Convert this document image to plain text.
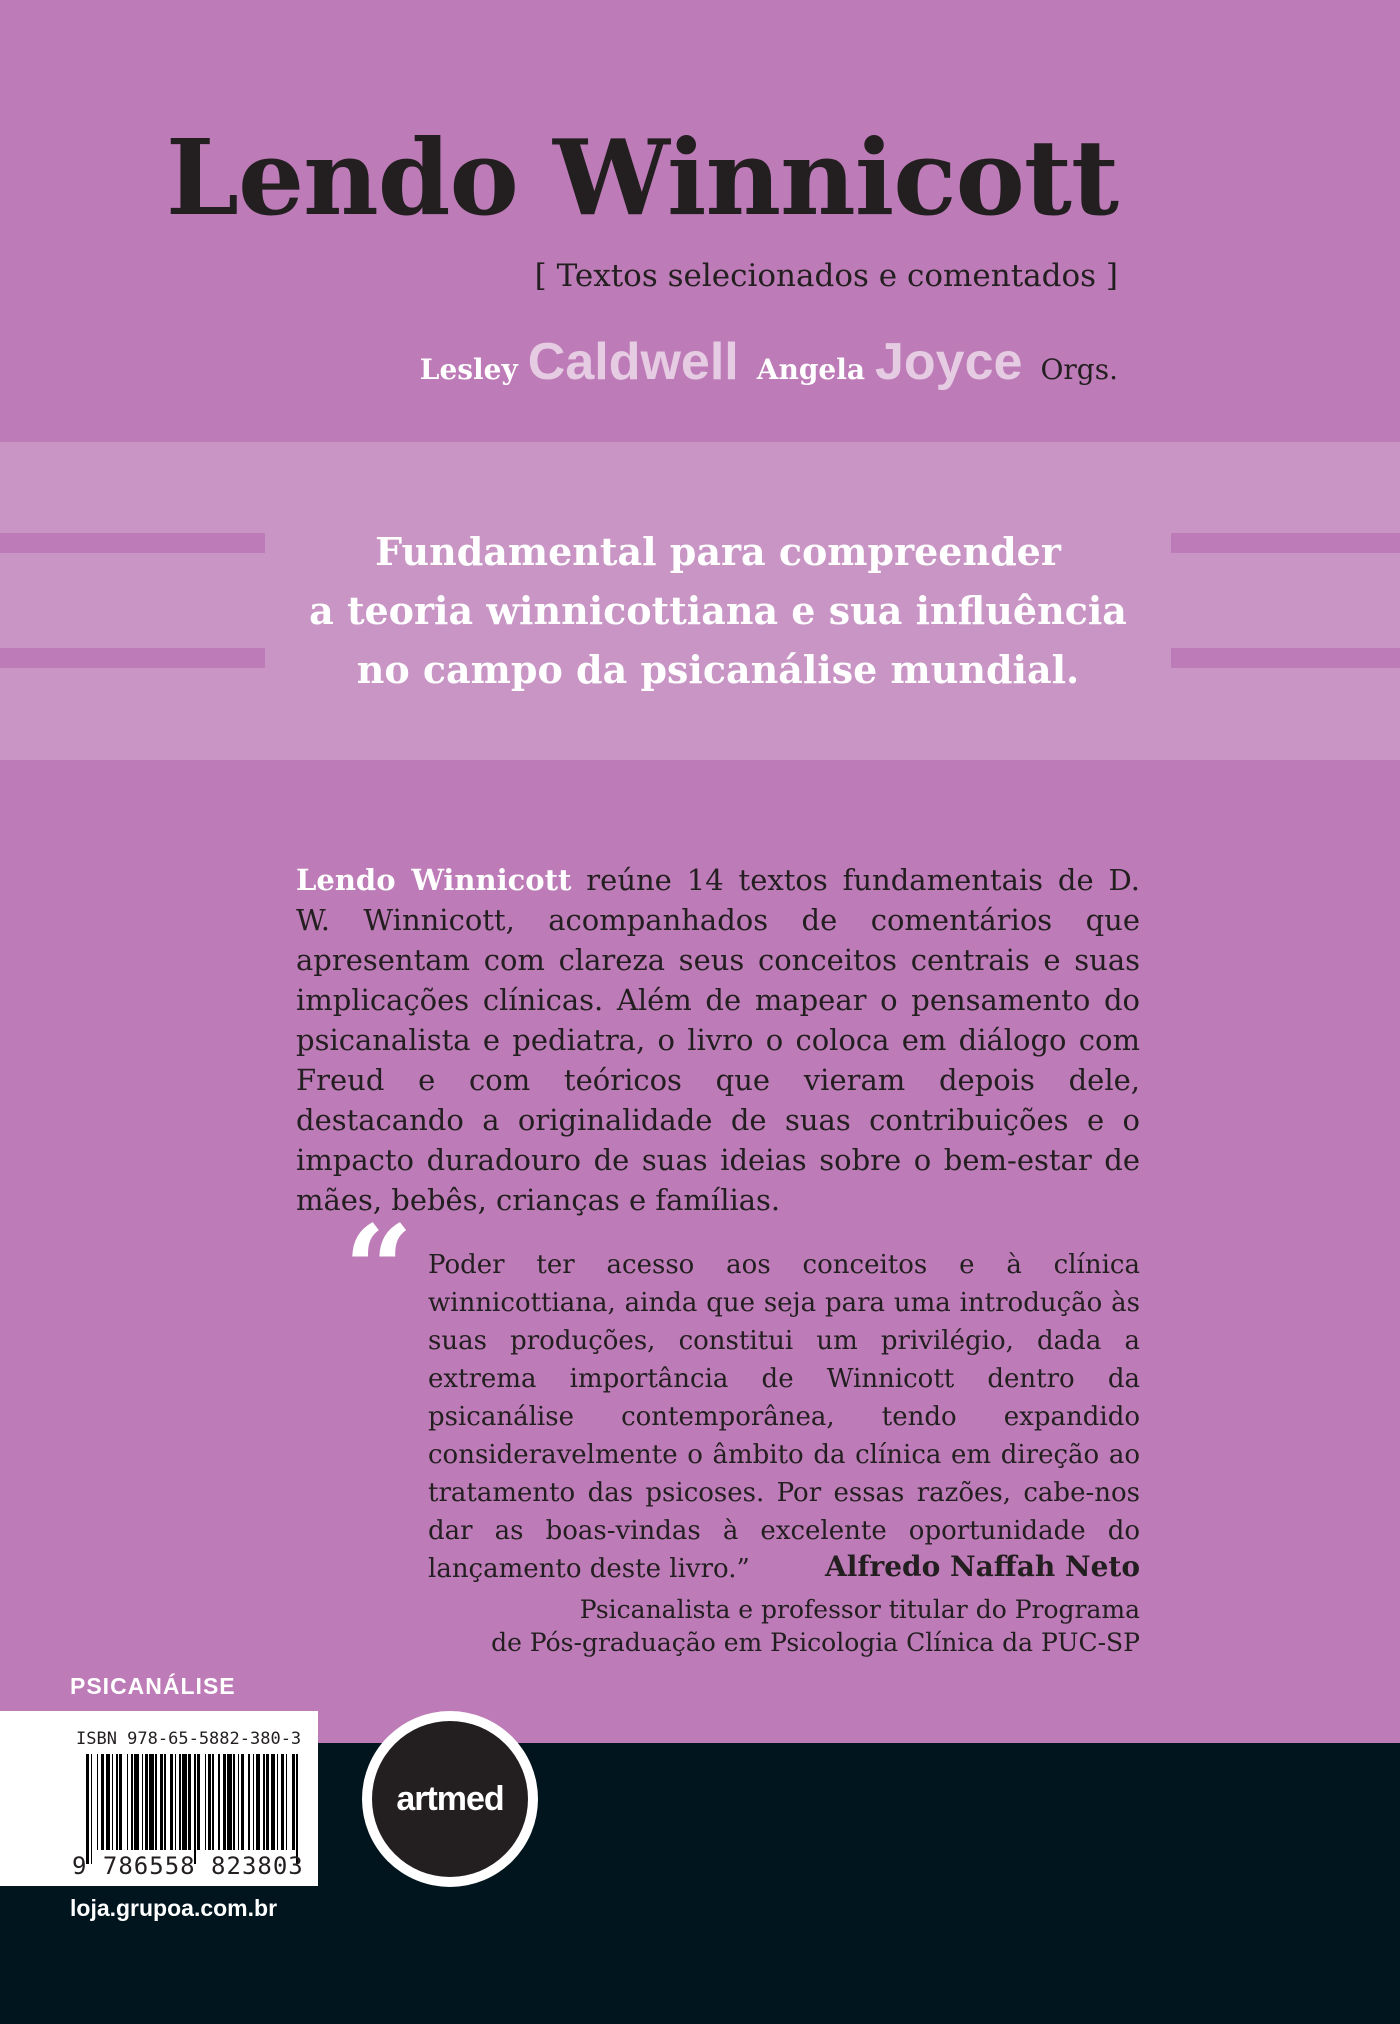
Lendo Winnicott
[ Textos selecionados e comentados ]
Lesley Caldwell Angela Joyce Orgs.
Fundamental para compreender
a teoria winnicottiana e sua influência
no campo da psicanálise mundial.
Lendo Winnicott reúne 14 textos fundamentais de D. W. Winnicott, acompanhados de comentários que apresentam com clareza seus conceitos centrais e suas implicações clínicas. Além de mapear o pensamento do psicanalista e pediatra, o livro o coloca em diálogo com Freud e com teóricos que vieram depois dele, destacando a originalidade de suas contribuições e o impacto duradouro de suas ideias sobre o bem-estar de mães, bebês, crianças e famílias.
“ Poder ter acesso aos conceitos e à clínica winnicottiana, ainda que seja para uma introdução às suas produções, constitui um privilégio, dada a extrema importância de Winnicott dentro da psicanálise contemporânea, tendo expandido consideravelmente o âmbito da clínica em direção ao tratamento das psicoses. Por essas razões, cabe-nos dar as boas-vindas à excelente oportunidade do lançamento deste livro.”	Alfredo Naffah Neto
Psicanalista e professor titular do Programa
de Pós-graduação em Psicologia Clínica da PUC-SP
PSICANÁLISE
ISBN 978-65-5882-380-3
9 786558 823803
loja.grupoa.com.br
artmed
